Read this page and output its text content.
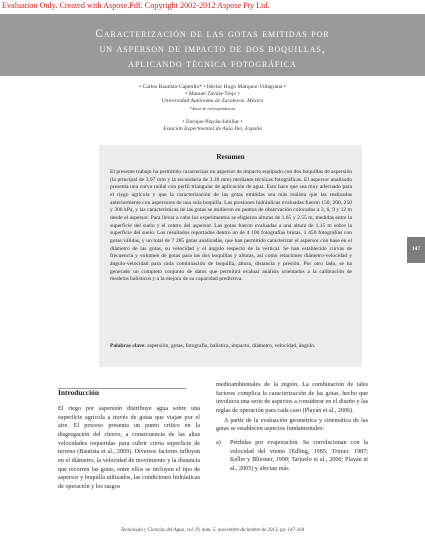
Evaluation Only. Created with Aspose.Pdf. Copyright 2002-2012 Aspose Pty Ltd.
Caracterización de las gotas emitidas por
un asperson de impacto de dos boquillas,
aplicando técnica fotográfica
• Carlos Bautista-Capetillo* • Héctor Hugo Márquez-Villagrana •
• Manuel Zavala-Trejo •
Universidad Autónoma de Zacatecas, México
*Autor de correspondencia
• Enrique Playán-Jubillar •
Estación Experimental de Aula Dei, España
Resumen
El presente trabajo ha permitido caracterizar un aspersor de impacto equipado con dos boquillas de aspersión (la principal de 3.97 mm y la secundaria de 3.18 mm) mediante técnicas fotográficas. El aspersor analizado presenta una curva radial con perfil triangular de aplicación de agua. Esto hace que sea muy adecuado para el riego agrícola y que la caracterización de las gotas emitidas sea más realista que las realizadas anteriormente con aspersores de una sola boquilla. Las presiones hidráulicas evaluadas fueron 150, 200, 250 y 300 kPa, y las características de las gotas se midieron en puntos de observación colocados a 3, 6, 9 y 12 m desde el aspersor. Para llevar a cabo los experimentos se eligieron alturas de 1.65 y 2.55 m, medidas entre la superficie del suelo y el centro del aspersor. Las gotas fueron evaluadas a una altura de 1.15 m sobre la superficie del suelo. Los resultados reportados dentro un de 4 100 fotografías brutas, 1 450 fotografías con gotas válidas, y un total de 7 285 gotas analizadas, que han permitido caracterizar el aspersor con base en el diámetro de las gotas, su velocidad y el ángulo respecto de la vertical. Se han establecido curvas de frecuencia y volumen de gotas para las dos boquillas y alturas, así como relaciones diámetro-velocidad y ángulo-velocidad para cada combinación de boquilla, altura, distancia y presión. Por otro lado, se ha generado un completo conjunto de datos que permitirá evaluar análisis orientados a la calibración de modelos balísticos y a la mejora de su capacidad predictiva.
Palabras clave: aspersión, gotas, fotografía, balística, impacto, diámetro, velocidad, ángulo.
147
Introducción

El riego por aspersión distribuye agua sobre una superficie agrícola a través de gotas que viajan por el aire. El proceso presenta un punto crítico en la disgregación del chorro, a consecuencia de las altas velocidades requeridas para cubrir cierta superficie de terreno (Bautista et al., 2009). Diversos factores influyen en el diámetro, la velocidad de movimiento y la distancia que recorren las gotas, entre ellos se incluyen el tipo de aspersor y boquilla utilizados, las condiciones hidráulicas de operación y los rasgos

medioambientales de la región. La combinación de tales factores complica la caracterización de las gotas, hecho que involucra una serie de aspectos a considerar en el diseño y las reglas de operación para cada caso (Playán et al., 2006).

A partir de la evaluación geométrica y cinemática de las gotas se establecen aspectos fundamentales:

a) Pérdidas por evaporación. Se correlacionan con la velocidad del viento (Edling, 1985; Trimer, 1987; Keller y Bliesner, 1990; Tarjuelo et al., 2000; Playán et al., 2005) y afectan más
Tecnología y Ciencias del Agua, vol. IV, núm. 5, noviembre-diciembre de 2013, pp. 147-164
